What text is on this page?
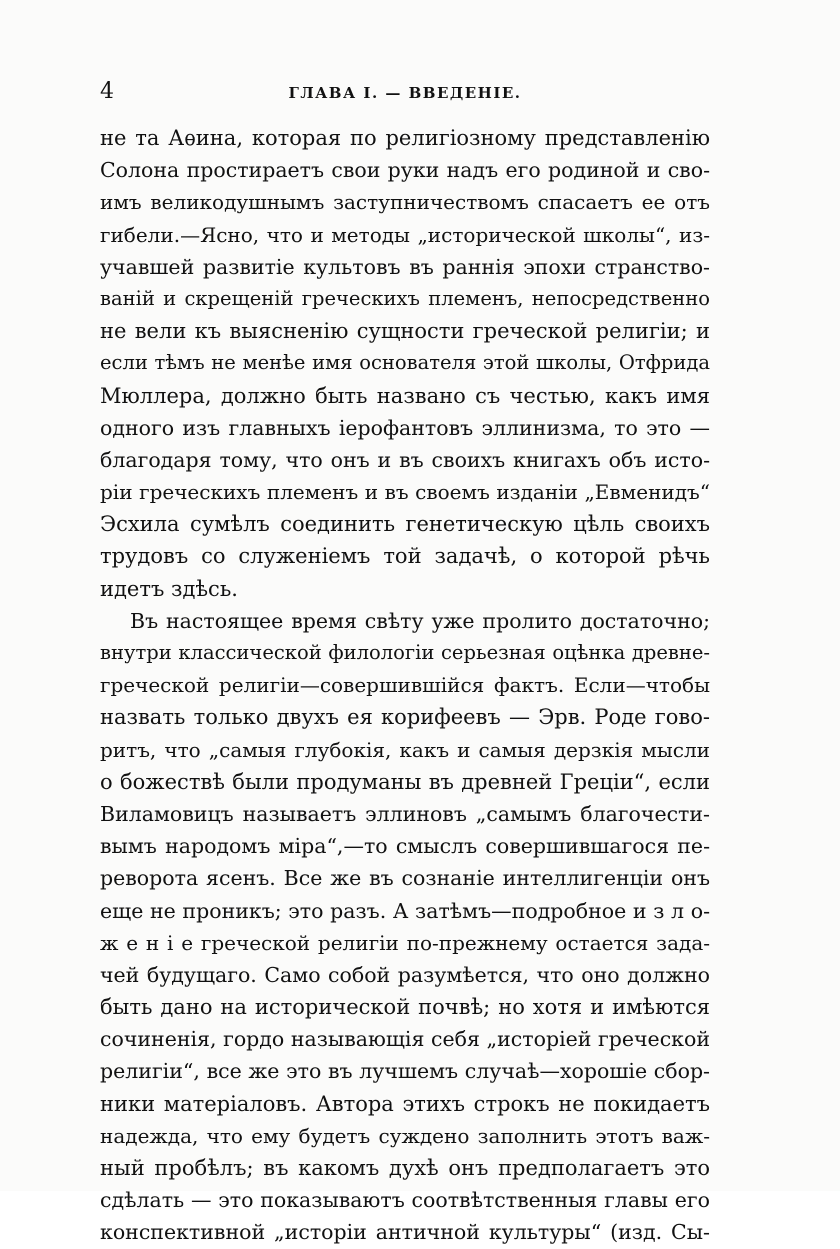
4	ГЛАВА I. — ВВЕДЕНIЕ.
не та Аѳина, которая по религiозному представленiю
Солона простираетъ свои руки надъ его родиной и сво-
имъ великодушнымъ заступничествомъ спасаетъ ее отъ
гибели.—Ясно, что и методы „исторической школы“, из-
учавшей развитiе культовъ въ раннiя эпохи странство-
ванiй и скрещенiй греческихъ племенъ, непосредственно
не вели къ выясненiю сущности греческой религiи; и
если тѣмъ не менѣе имя основателя этой школы, Отфрида
Мюллера, должно быть названо съ честью, какъ имя
одного изъ главныхъ iерофантовъ эллинизма, то это —
благодаря тому, что онъ и въ своихъ книгахъ объ исто-
рiи греческихъ племенъ и въ своемъ изданiи „Евменидъ“
Эсхила сумѣлъ соединить генетическую цѣль своихъ
трудовъ со служенiемъ той задачѣ, о которой рѣчь
идетъ здѣсь.
Въ настоящее время свѣту уже пролито достаточно;
внутри классической филологiи серьезная оцѣнка древне-
греческой религiи—совершившiйся фактъ. Если—чтобы
назвать только двухъ ея корифеевъ — Эрв. Роде гово-
ритъ, что „самыя глубокiя, какъ и самыя дерзкiя мысли
о божествѣ были продуманы въ древней Грецiи“, если
Виламовицъ называетъ эллиновъ „самымъ благочести-
вымъ народомъ мiра“,—то смыслъ совершившагося пе-
реворота ясенъ. Все же въ сознанiе интеллигенцiи онъ
еще не проникъ; это разъ. А затѣмъ—подробное и з л о-
ж е н i е греческой религiи по-прежнему остается зада-
чей будущаго. Само собой разумѣется, что оно должно
быть дано на исторической почвѣ; но хотя и имѣются
сочиненiя, гордо называющiя себя „исторiей греческой
религiи“, все же это въ лучшемъ случаѣ—хорошiе сбор-
ники матерiаловъ. Автора этихъ строкъ не покидаетъ
надежда, что ему будетъ суждено заполнить этотъ важ-
ный пробѣлъ; въ какомъ духѣ онъ предполагаетъ это
сдѣлать — это показываютъ соотвѣтственныя главы его
конспективной „исторiи античной культуры“ (изд. Сы-
